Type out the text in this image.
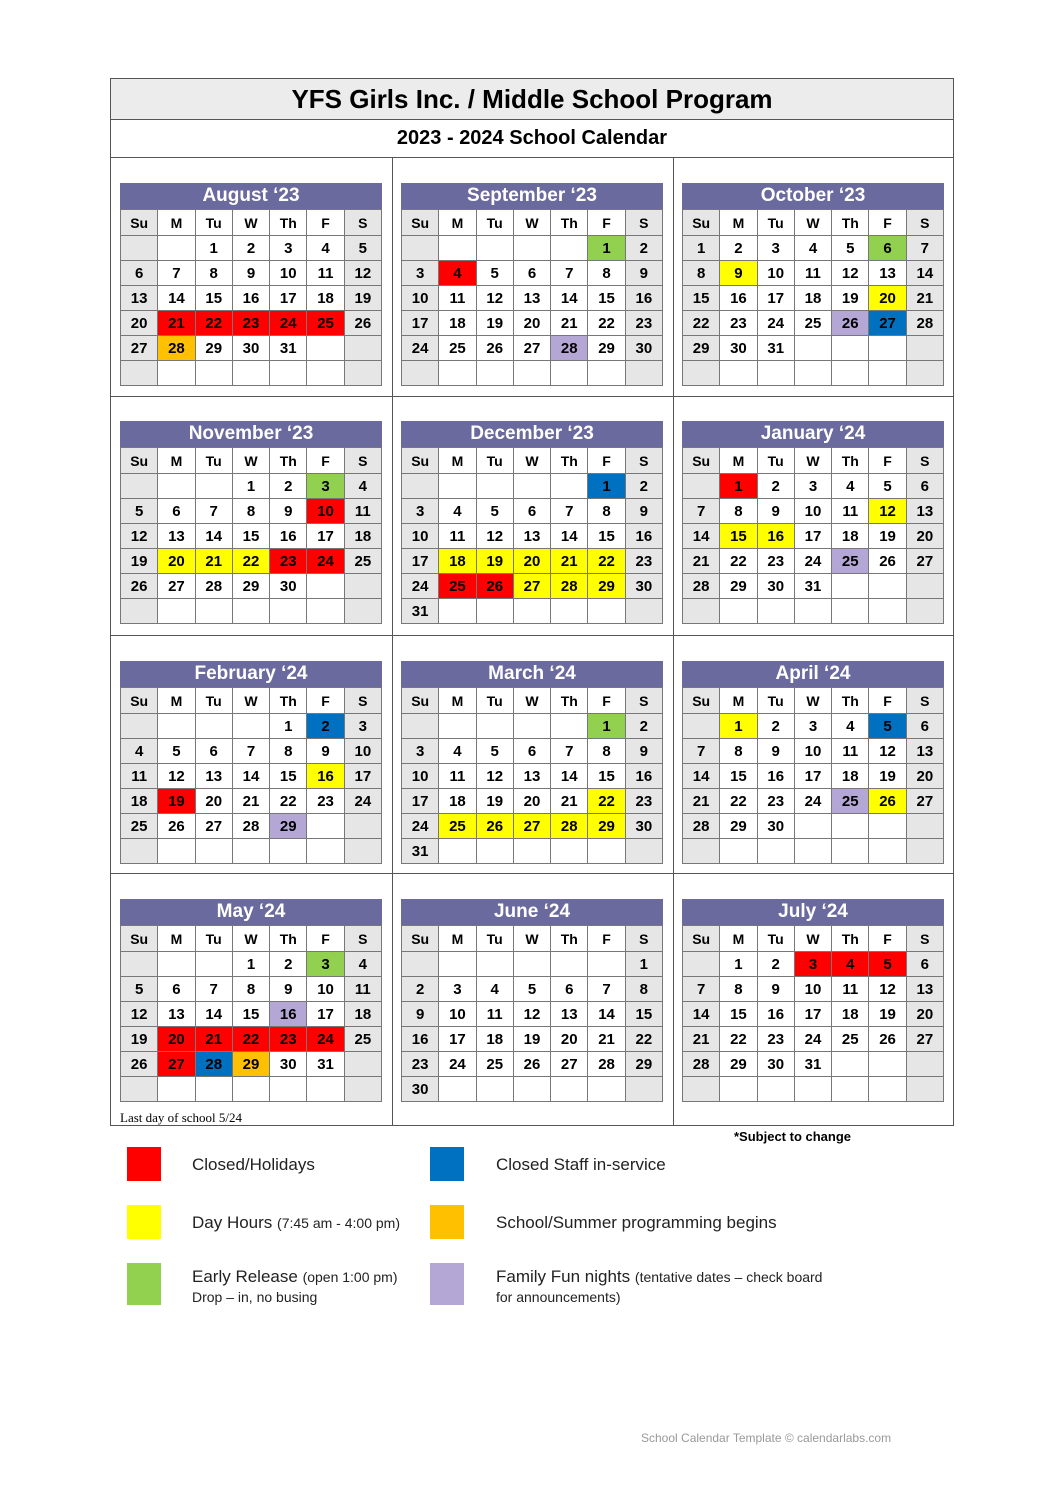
YFS Girls Inc. / Middle School Program
2023 - 2024 School Calendar
August ‘23
Su	M	Tu	W	Th	F	S
		1	2	3	4	5
6	7	8	9	10	11	12
13	14	15	16	17	18	19
20	21	22	23	24	25	26
27	28	29	30	31		

September ‘23
Su	M	Tu	W	Th	F	S
					1	2
3	4	5	6	7	8	9
10	11	12	13	14	15	16
17	18	19	20	21	22	23
24	25	26	27	28	29	30

October ‘23
Su	M	Tu	W	Th	F	S
1	2	3	4	5	6	7
8	9	10	11	12	13	14
15	16	17	18	19	20	21
22	23	24	25	26	27	28
29	30	31				

November ‘23
Su	M	Tu	W	Th	F	S
			1	2	3	4
5	6	7	8	9	10	11
12	13	14	15	16	17	18
19	20	21	22	23	24	25
26	27	28	29	30		

December ‘23
Su	M	Tu	W	Th	F	S
					1	2
3	4	5	6	7	8	9
10	11	12	13	14	15	16
17	18	19	20	21	22	23
24	25	26	27	28	29	30
31						
January ‘24
Su	M	Tu	W	Th	F	S
	1	2	3	4	5	6
7	8	9	10	11	12	13
14	15	16	17	18	19	20
21	22	23	24	25	26	27
28	29	30	31			

February ‘24
Su	M	Tu	W	Th	F	S
				1	2	3
4	5	6	7	8	9	10
11	12	13	14	15	16	17
18	19	20	21	22	23	24
25	26	27	28	29		

March ‘24
Su	M	Tu	W	Th	F	S
					1	2
3	4	5	6	7	8	9
10	11	12	13	14	15	16
17	18	19	20	21	22	23
24	25	26	27	28	29	30
31						
April ‘24
Su	M	Tu	W	Th	F	S
	1	2	3	4	5	6
7	8	9	10	11	12	13
14	15	16	17	18	19	20
21	22	23	24	25	26	27
28	29	30				

May ‘24
Su	M	Tu	W	Th	F	S
			1	2	3	4
5	6	7	8	9	10	11
12	13	14	15	16	17	18
19	20	21	22	23	24	25
26	27	28	29	30	31	

June ‘24
Su	M	Tu	W	Th	F	S
						1
2	3	4	5	6	7	8
9	10	11	12	13	14	15
16	17	18	19	20	21	22
23	24	25	26	27	28	29
30						
July ‘24
Su	M	Tu	W	Th	F	S
	1	2	3	4	5	6
7	8	9	10	11	12	13
14	15	16	17	18	19	20
21	22	23	24	25	26	27
28	29	30	31			

Last day of school 5/24
*Subject to change
Closed/Holidays	Closed Staff in-service
Day Hours (7:45 am - 4:00 pm)	School/Summer programming begins
Early Release (open 1:00 pm)
Drop – in, no busing
Family Fun nights (tentative dates – check board
for announcements)
School Calendar Template © calendarlabs.com
